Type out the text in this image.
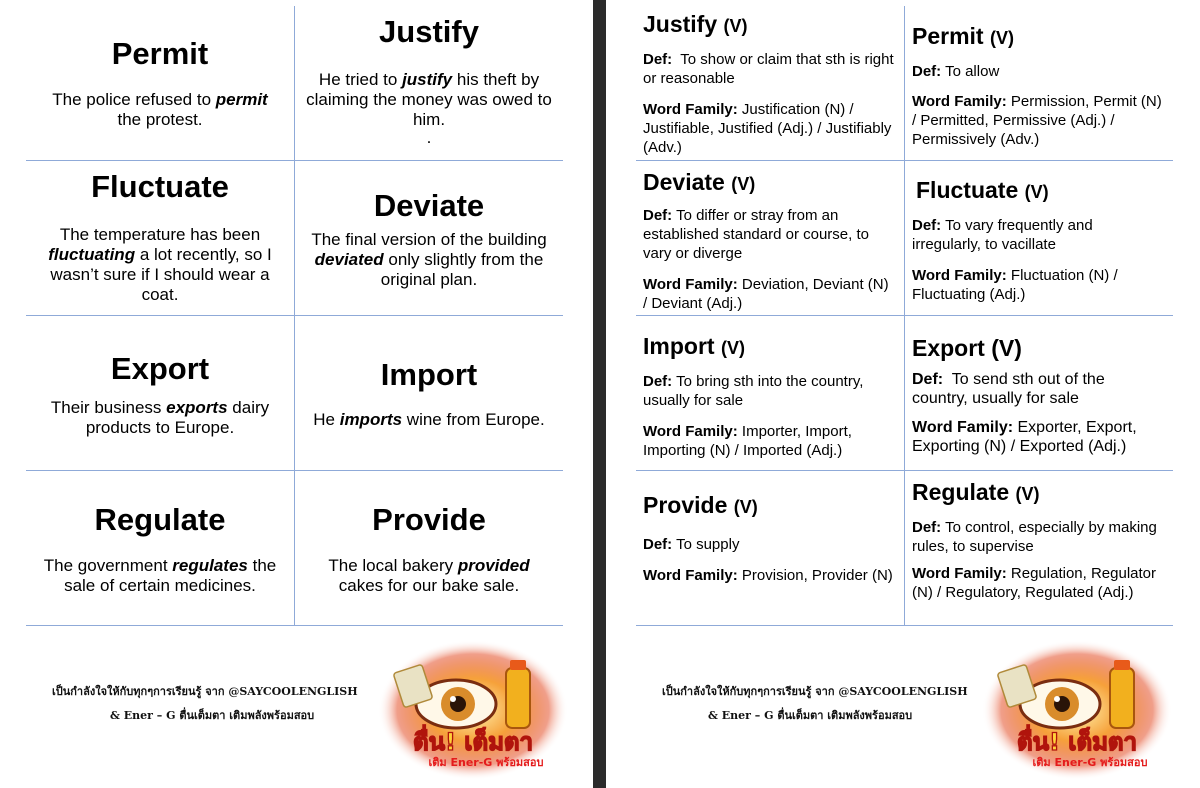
Permit
The police refused to permit the protest.
Justify
He tried to justify his theft by claiming the money was owed to him.
.
Fluctuate
The temperature has been fluctuating a lot recently, so I wasn’t sure if I should wear a coat.
Deviate
The final version of the building deviated only slightly from the original plan.
Export
Their business exports dairy products to Europe.
Import
He imports wine from Europe.
Regulate
The government regulates the sale of certain medicines.
Provide
The local bakery provided cakes for our bake sale.
เป็นกำลังใจให้กับทุกๆการเรียนรู้ จาก @SAYCOOLENGLISH
& Ener – G ตื่นเต็มตา เติมพลังพร้อมสอบ
ตื่น! เต็มตา
เติม Ener-G พร้อมสอบ
Justify (V)
Def: To show or claim that sth is right or reasonable
Word Family: Justification (N) / Justifiable, Justified (Adj.) / Justifiably (Adv.)
Permit (V)
Def: To allow
Word Family: Permission, Permit (N) / Permitted, Permissive (Adj.) / Permissively (Adv.)
Deviate (V)
Def: To differ or stray from an established standard or course, to vary or diverge
Word Family: Deviation, Deviant (N) / Deviant (Adj.)
Fluctuate (V)
Def: To vary frequently and irregularly, to vacillate
Word Family: Fluctuation (N) / Fluctuating (Adj.)
Import (V)
Def: To bring sth into the country, usually for sale
Word Family: Importer, Import, Importing (N) / Imported (Adj.)
Export (V)
Def: To send sth out of the country, usually for sale
Word Family: Exporter, Export, Exporting (N) / Exported (Adj.)
Provide (V)
Def: To supply
Word Family: Provision, Provider (N)
Regulate (V)
Def: To control, especially by making rules, to supervise
Word Family: Regulation, Regulator (N) / Regulatory, Regulated (Adj.)
เป็นกำลังใจให้กับทุกๆการเรียนรู้ จาก @SAYCOOLENGLISH
& Ener – G ตื่นเต็มตา เติมพลังพร้อมสอบ
ตื่น! เต็มตา
เติม Ener-G พร้อมสอบ
